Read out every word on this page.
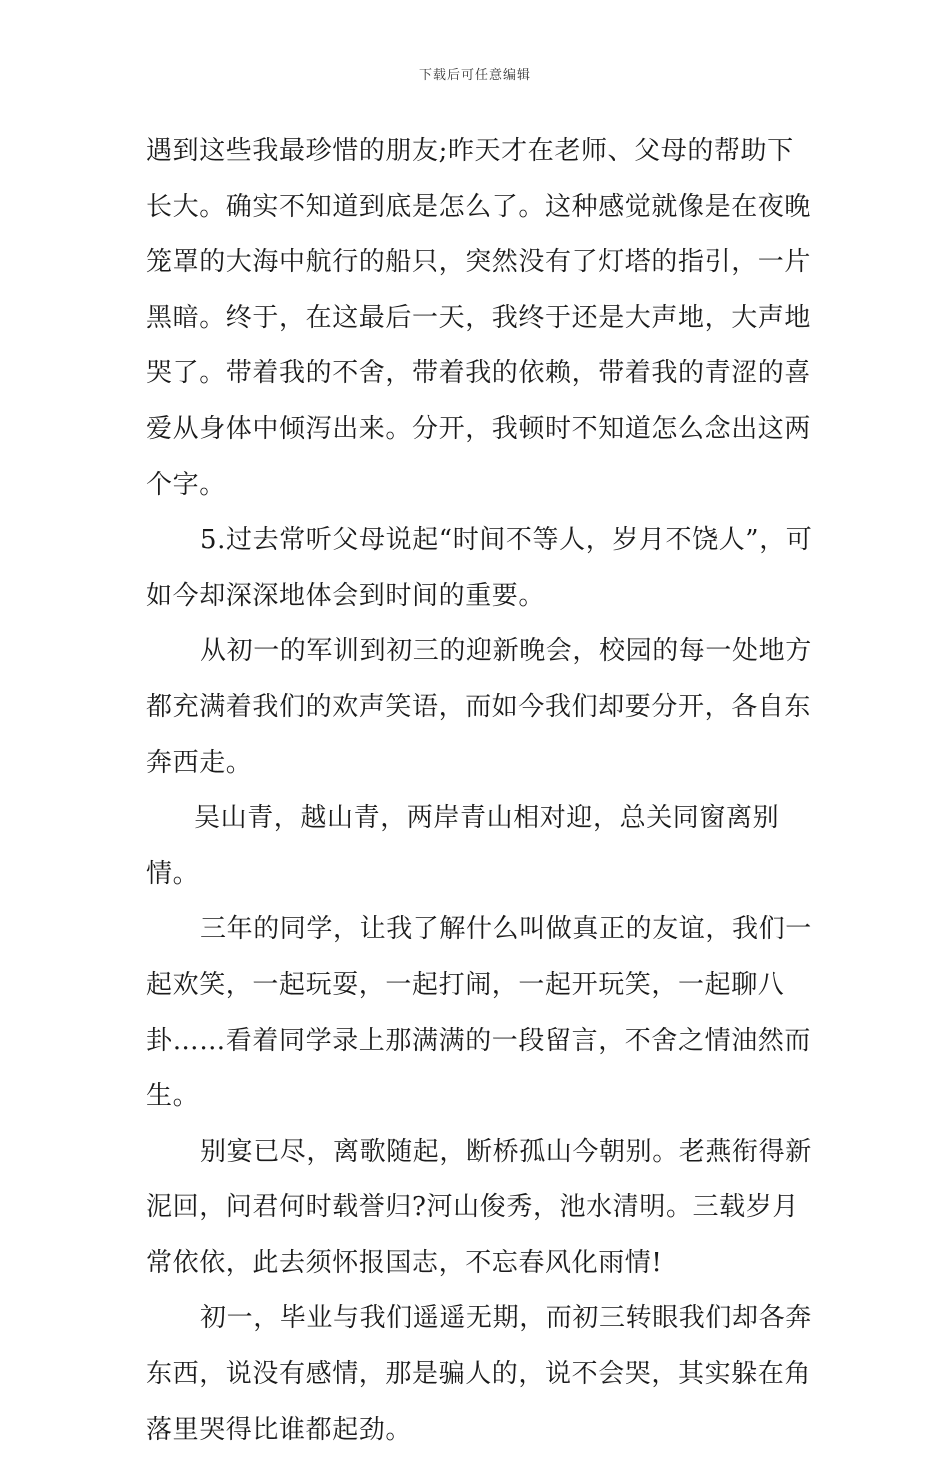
下载后可任意编辑

遇到这些我最珍惜的朋友;昨天才在老师、父母的帮助下长大。确实不知道到底是怎么了。这种感觉就像是在夜晚笼罩的大海中航行的船只，突然没有了灯塔的指引，一片黑暗。终于，在这最后一天，我终于还是大声地，大声地哭了。带着我的不舍，带着我的依赖，带着我的青涩的喜爱从身体中倾泻出来。分开，我顿时不知道怎么念出这两个字。

5.过去常听父母说起“时间不等人，岁月不饶人”，可如今却深深地体会到时间的重要。

从初一的军训到初三的迎新晚会，校园的每一处地方都充满着我们的欢声笑语，而如今我们却要分开，各自东奔西走。

吴山青，越山青，两岸青山相对迎，总关同窗离别情。

三年的同学，让我了解什么叫做真正的友谊，我们一起欢笑，一起玩耍，一起打闹，一起开玩笑，一起聊八卦……看着同学录上那满满的一段留言，不舍之情油然而生。

别宴已尽，离歌随起，断桥孤山今朝别。老燕衔得新泥回，问君何时载誉归?河山俊秀，池水清明。三载岁月常依依，此去须怀报国志，不忘春风化雨情!

初一，毕业与我们遥遥无期，而初三转眼我们却各奔东西，说没有感情，那是骗人的，说不会哭，其实躲在角落里哭得比谁都起劲。
